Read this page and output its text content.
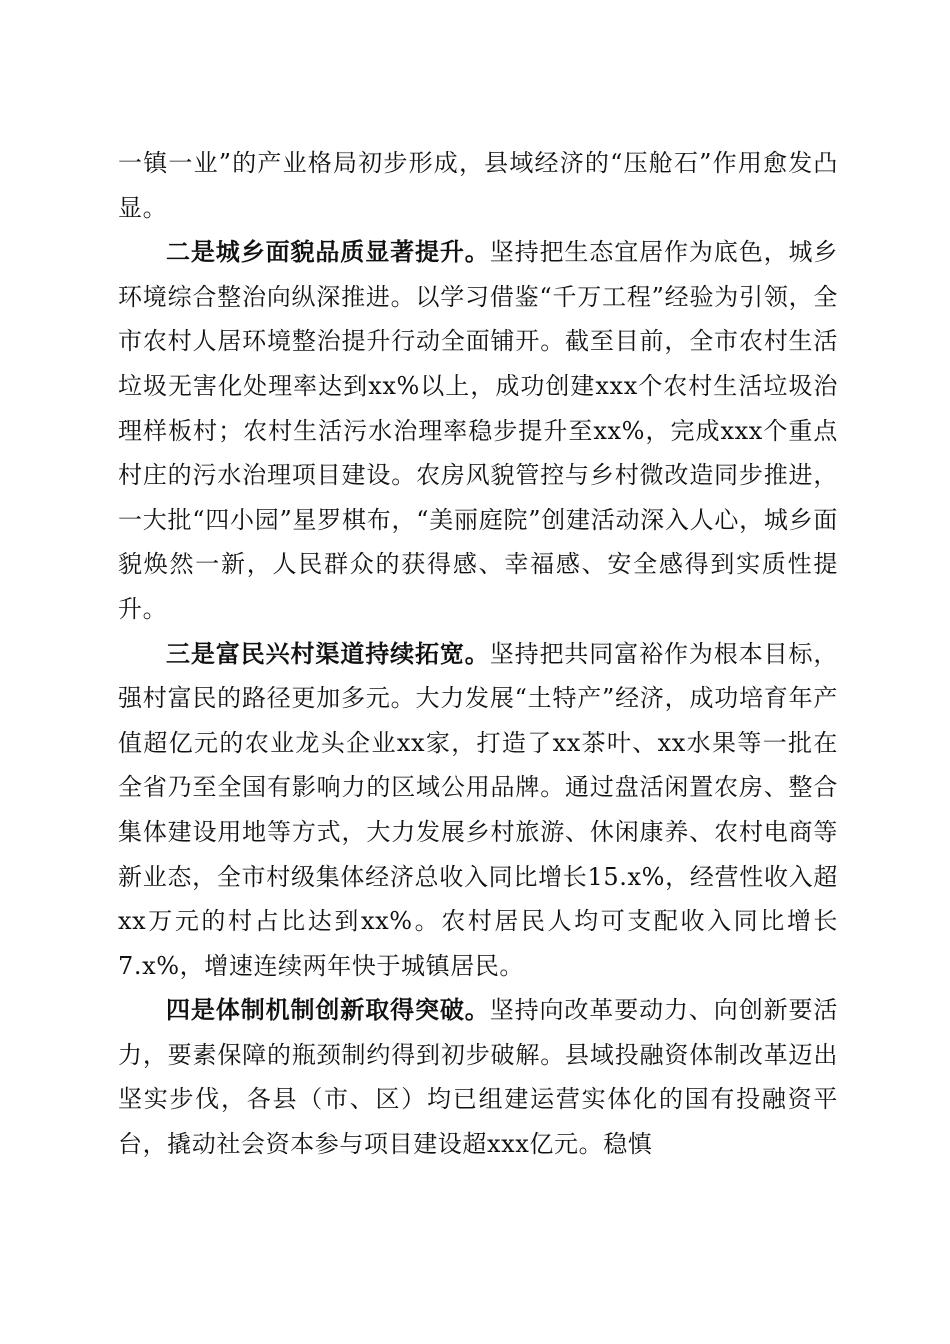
一镇一业”的产业格局初步形成，县域经济的“压舱石”作用愈发凸显。

二是城乡面貌品质显著提升。坚持把生态宜居作为底色，城乡环境综合整治向纵深推进。以学习借鉴“千万工程”经验为引领，全市农村人居环境整治提升行动全面铺开。截至目前，全市农村生活垃圾无害化处理率达到xx%以上，成功创建xxx个农村生活垃圾治理样板村；农村生活污水治理率稳步提升至xx%，完成xxx个重点村庄的污水治理项目建设。农房风貌管控与乡村微改造同步推进，一大批“四小园”星罗棋布，“美丽庭院”创建活动深入人心，城乡面貌焕然一新，人民群众的获得感、幸福感、安全感得到实质性提升。

三是富民兴村渠道持续拓宽。坚持把共同富裕作为根本目标，强村富民的路径更加多元。大力发展“土特产”经济，成功培育年产值超亿元的农业龙头企业xx家，打造了xx茶叶、xx水果等一批在全省乃至全国有影响力的区域公用品牌。通过盘活闲置农房、整合集体建设用地等方式，大力发展乡村旅游、休闲康养、农村电商等新业态，全市村级集体经济总收入同比增长15.x%，经营性收入超xx万元的村占比达到xx%。农村居民人均可支配收入同比增长7.x%，增速连续两年快于城镇居民。

四是体制机制创新取得突破。坚持向改革要动力、向创新要活力，要素保障的瓶颈制约得到初步破解。县域投融资体制改革迈出坚实步伐，各县（市、区）均已组建运营实体化的国有投融资平台，撬动社会资本参与项目建设超xxx亿元。稳慎
